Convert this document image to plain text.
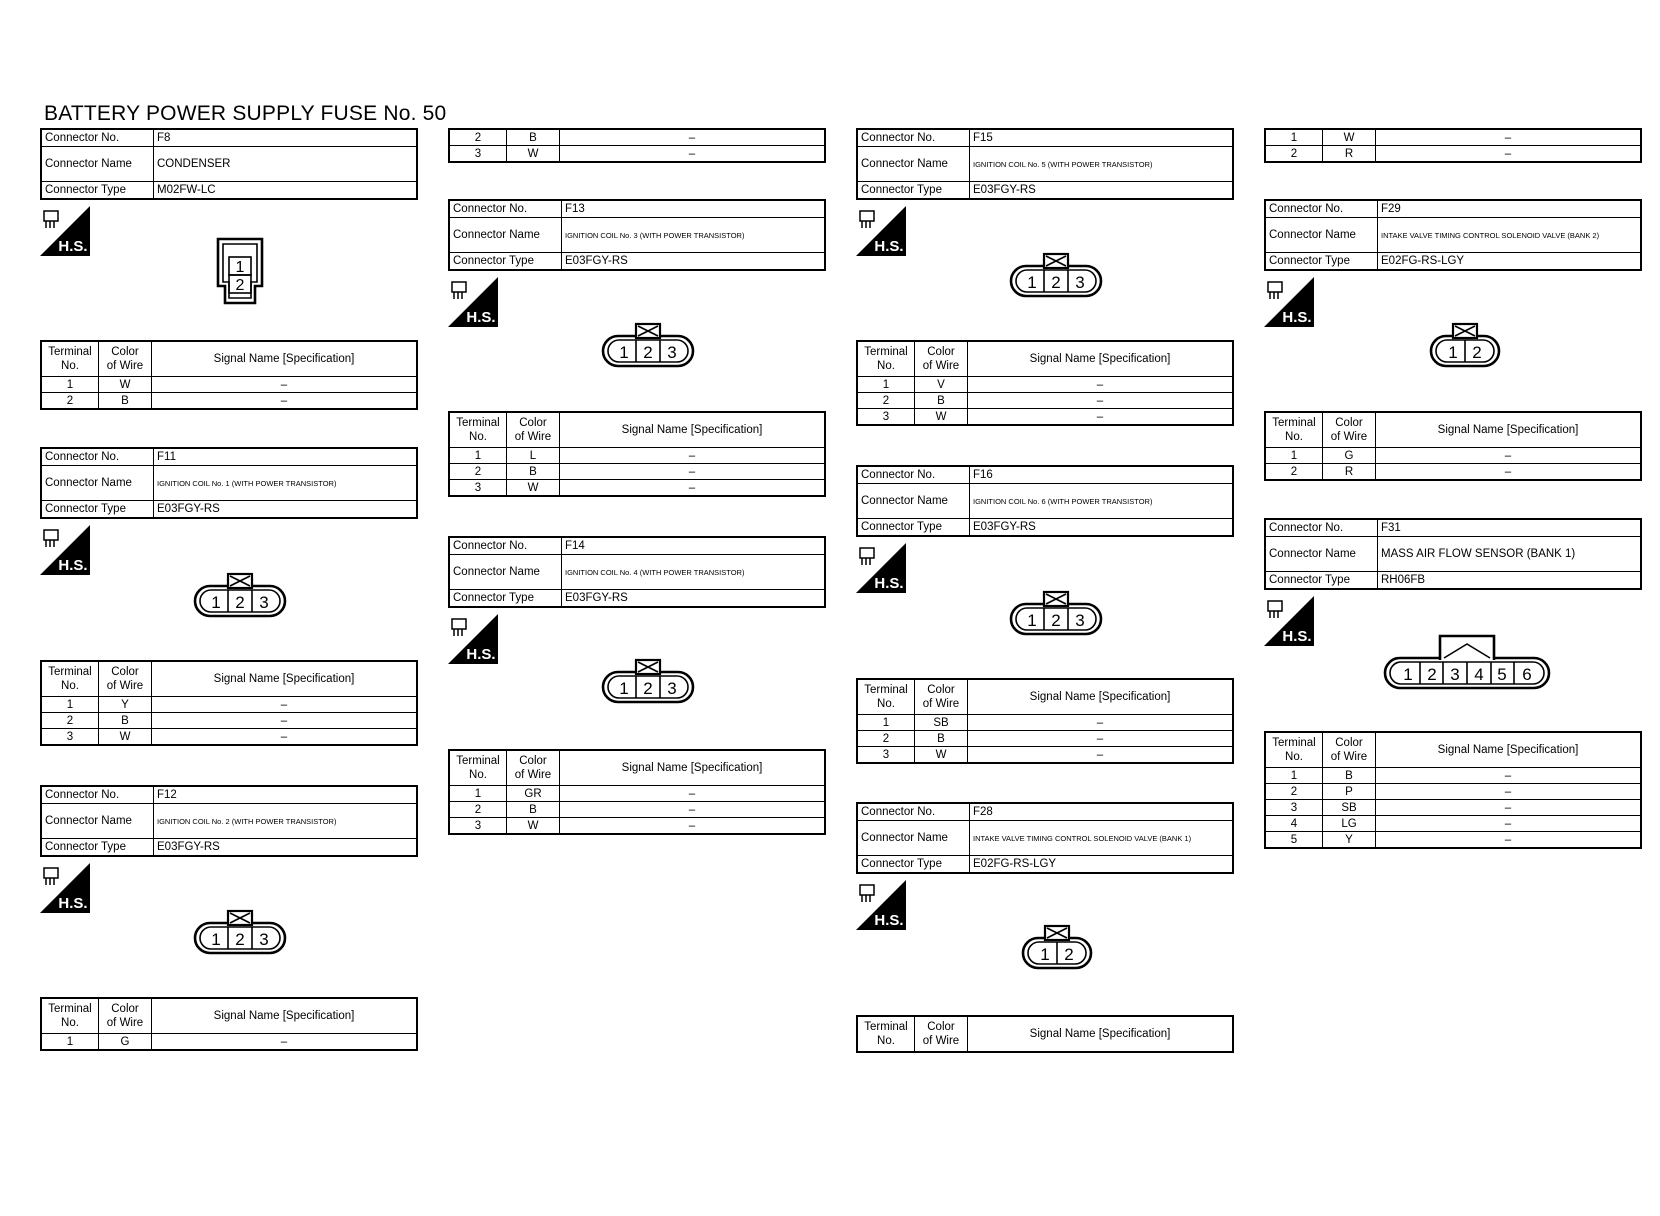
BATTERY POWER SUPPLY FUSE No. 50
Connector No.	F8
Connector Name	CONDENSER
Connector Type	M02FW-LC
H.S.
1
2
Terminal
No.	Color
of Wire	Signal Name [Specification]
1	W	–
2	B	–
Connector No.	F11
Connector Name	IGNITION COIL No. 1 (WITH POWER TRANSISTOR)
Connector Type	E03FGY-RS
H.S.
1 2 3
Terminal
No.	Color
of Wire	Signal Name [Specification]
1	Y	–
2	B	–
3	W	–
Connector No.	F12
Connector Name	IGNITION COIL No. 2 (WITH POWER TRANSISTOR)
Connector Type	E03FGY-RS
H.S.
1 2 3
Terminal
No.	Color
of Wire	Signal Name [Specification]
1	G	–
2	B	–
3	W	–
Connector No.	F13
Connector Name	IGNITION COIL No. 3 (WITH POWER TRANSISTOR)
Connector Type	E03FGY-RS
H.S.
1 2 3
Terminal
No.	Color
of Wire	Signal Name [Specification]
1	L	–
2	B	–
3	W	–
Connector No.	F14
Connector Name	IGNITION COIL No. 4 (WITH POWER TRANSISTOR)
Connector Type	E03FGY-RS
H.S.
1 2 3
Terminal
No.	Color
of Wire	Signal Name [Specification]
1	GR	–
2	B	–
3	W	–
Connector No.	F15
Connector Name	IGNITION COIL No. 5 (WITH POWER TRANSISTOR)
Connector Type	E03FGY-RS
H.S.
1 2 3
Terminal
No.	Color
of Wire	Signal Name [Specification]
1	V	–
2	B	–
3	W	–
Connector No.	F16
Connector Name	IGNITION COIL No. 6 (WITH POWER TRANSISTOR)
Connector Type	E03FGY-RS
H.S.
1 2 3
Terminal
No.	Color
of Wire	Signal Name [Specification]
1	SB	–
2	B	–
3	W	–
Connector No.	F28
Connector Name	INTAKE VALVE TIMING CONTROL SOLENOID VALVE (BANK 1)
Connector Type	E02FG-RS-LGY
H.S.
1 2
Terminal
No.	Color
of Wire	Signal Name [Specification]
1	W	–
2	R	–
Connector No.	F29
Connector Name	INTAKE VALVE TIMING CONTROL SOLENOID VALVE (BANK 2)
Connector Type	E02FG-RS-LGY
H.S.
1 2
Terminal
No.	Color
of Wire	Signal Name [Specification]
1	G	–
2	R	–
Connector No.	F31
Connector Name	MASS AIR FLOW SENSOR (BANK 1)
Connector Type	RH06FB
H.S.
1 2 3 4 5 6
Terminal
No.	Color
of Wire	Signal Name [Specification]
1	B	–
2	P	–
3	SB	–
4	LG	–
5	Y	–
